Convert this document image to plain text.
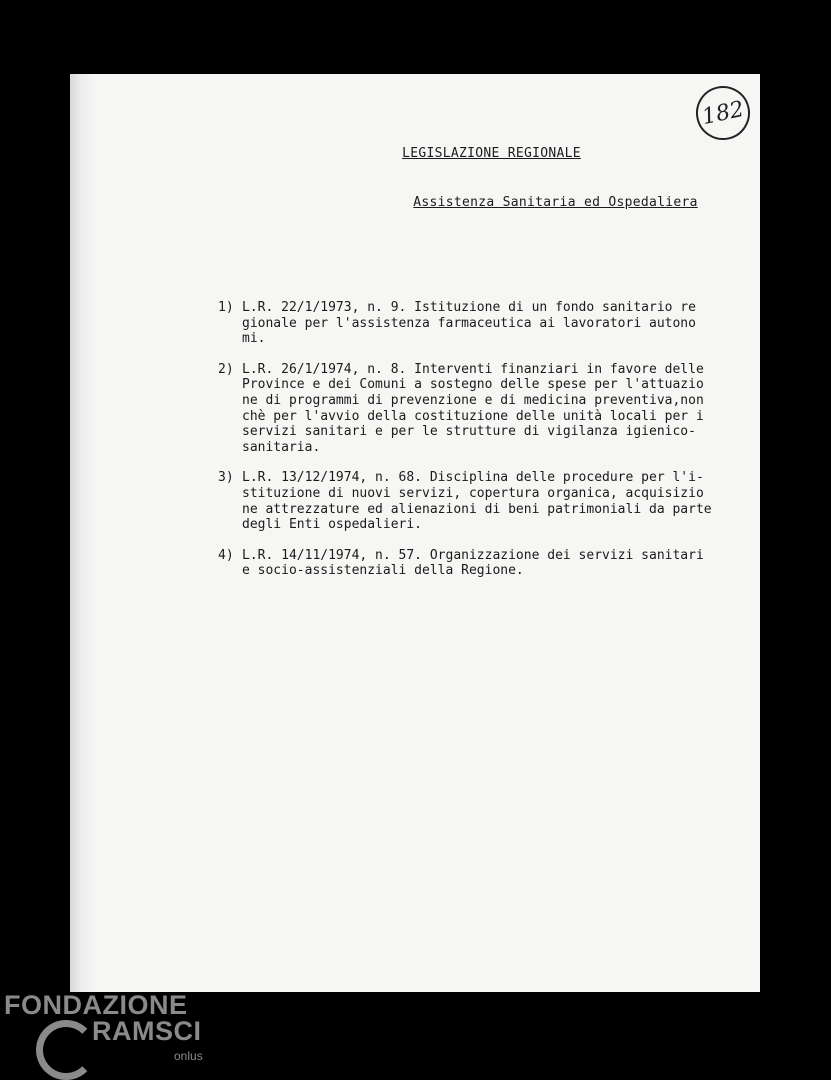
182
LEGISLAZIONE REGIONALE
Assistenza Sanitaria ed Ospedaliera
1) L.R. 22/1/1973, n. 9. Istituzione di un fondo sanitario re
gionale per l'assistenza farmaceutica ai lavoratori autono
mi.
2) L.R. 26/1/1974, n. 8. Interventi finanziari in favore delle
Province e dei Comuni a sostegno delle spese per l'attuazio
ne di programmi di prevenzione e di medicina preventiva,non
chè per l'avvio della costituzione delle unità locali per i
servizi sanitari e per le strutture di vigilanza igienico-
sanitaria.
3) L.R. 13/12/1974, n. 68. Disciplina delle procedure per l'i-
stituzione di nuovi servizi, copertura organica, acquisizio
ne attrezzature ed alienazioni di beni patrimoniali da parte
degli Enti ospedalieri.
4) L.R. 14/11/1974, n. 57. Organizzazione dei servizi sanitari
e socio-assistenziali della Regione.
FONDAZIONE
RAMSCI
onlus
